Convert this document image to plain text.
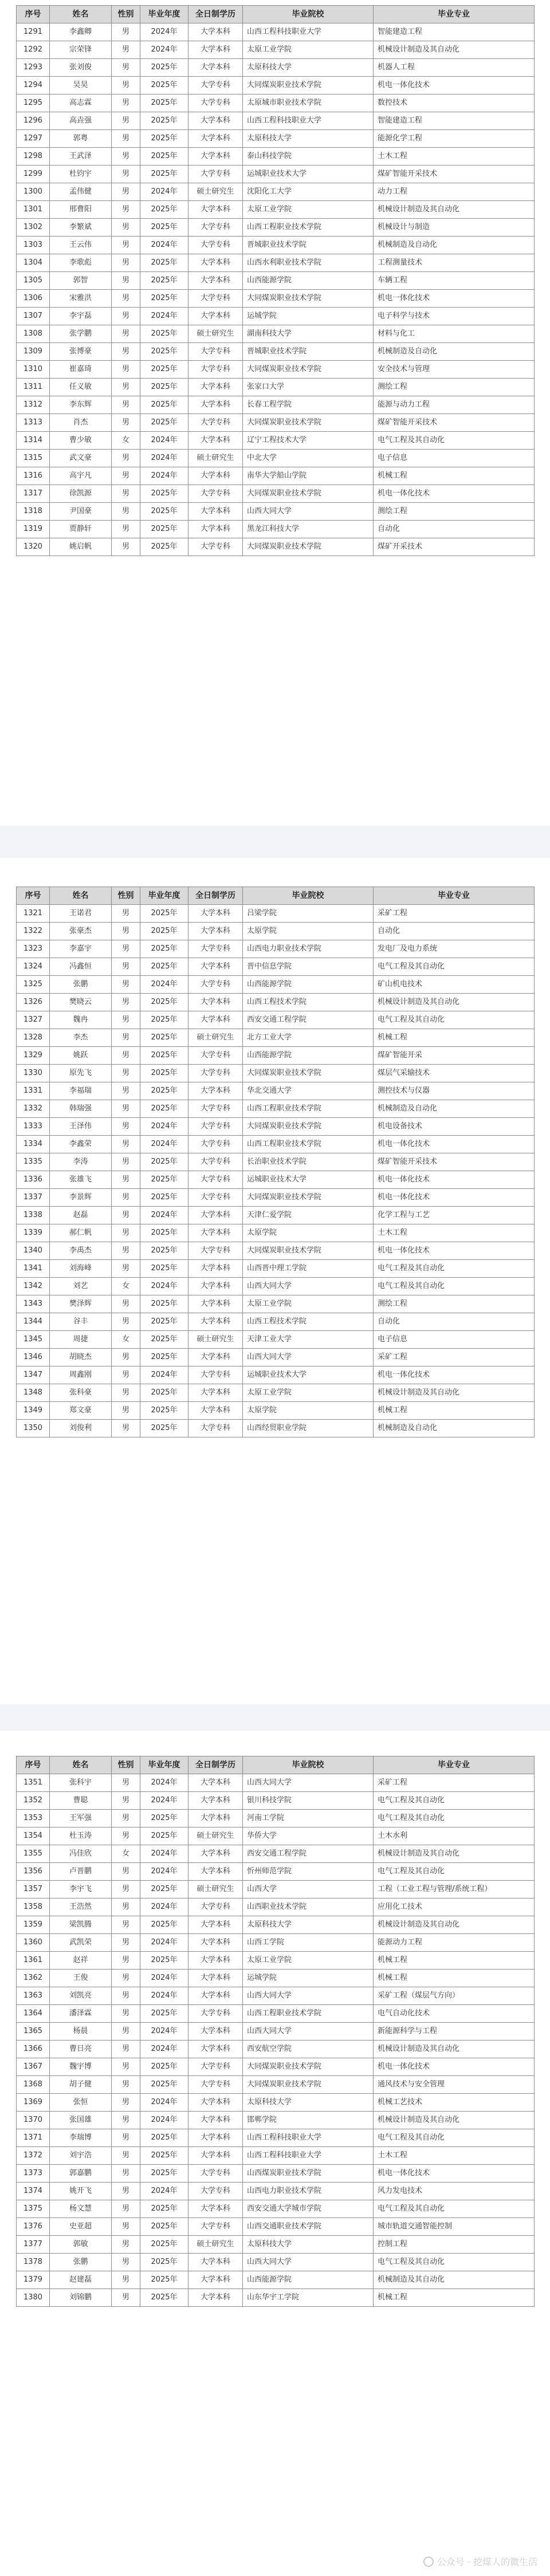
序号	姓名	性别	毕业年度	全日制学历	毕业院校	毕业专业
1291	李鑫卿	男	2024年	大学本科	山西工程科技职业大学	智能建造工程
1292	宗荣锋	男	2024年	大学本科	太原工业学院	机械设计制造及其自动化
1293	张刘俊	男	2025年	大学本科	太原科技大学	机器人工程
1294	吴昊	男	2025年	大学专科	大同煤炭职业技术学院	机电一体化技术
1295	高志霖	男	2025年	大学专科	太原城市职业技术学院	数控技术
1296	高垚强	男	2025年	大学本科	山西工程科技职业大学	智能建造工程
1297	郭粤	男	2025年	大学本科	太原科技大学	能源化学工程
1298	王武泽	男	2025年	大学本科	泰山科技学院	土木工程
1299	杜钧宇	男	2025年	大学专科	运城职业技术大学	煤矿智能开采技术
1300	孟伟健	男	2024年	硕士研究生	沈阳化工大学	动力工程
1301	邢曹阳	男	2025年	大学本科	太原工业学院	机械设计制造及其自动化
1302	李繁斌	男	2025年	大学专科	山西工程职业技术学院	机械设计与制造
1303	王云伟	男	2024年	大学专科	晋城职业技术学院	机械制造及自动化
1304	李歌彪	男	2025年	大学本科	山西水利职业技术学院	工程测量技术
1305	郭智	男	2025年	大学本科	山西能源学院	车辆工程
1306	宋雅洪	男	2025年	大学专科	大同煤炭职业技术学院	机电一体化技术
1307	李宇磊	男	2024年	大学本科	运城学院	电子科学与技术
1308	张学鹏	男	2025年	硕士研究生	湖南科技大学	材料与化工
1309	张博豪	男	2025年	大学专科	晋城职业技术学院	机械制造及自动化
1310	崔嘉琦	男	2025年	大学专科	大同煤炭职业技术学院	安全技术与管理
1311	任义敏	男	2025年	大学本科	张家口大学	测绘工程
1312	李东辉	男	2025年	大学本科	长春工程学院	能源与动力工程
1313	肖杰	男	2025年	大学专科	大同煤炭职业技术学院	煤矿智能开采技术
1314	曹少敏	女	2024年	大学本科	辽宁工程技术大学	电气工程及其自动化
1315	武文豪	男	2024年	硕士研究生	中北大学	电子信息
1316	高宇凡	男	2024年	大学本科	南华大学船山学院	机械工程
1317	徐凯源	男	2025年	大学专科	大同煤炭职业技术学院	机电一体化技术
1318	尹国豪	男	2025年	大学本科	山西大同大学	测绘工程
1319	贾静轩	男	2025年	大学本科	黑龙江科技大学	自动化
1320	姚启帆	男	2025年	大学专科	大同煤炭职业技术学院	煤矿开采技术
序号	姓名	性别	毕业年度	全日制学历	毕业院校	毕业专业
1321	王诺君	男	2025年	大学本科	吕梁学院	采矿工程
1322	张豪杰	男	2025年	大学本科	太原学院	自动化
1323	李嘉宇	男	2025年	大学专科	山西电力职业技术学院	发电厂及电力系统
1324	冯鑫恒	男	2025年	大学本科	晋中信息学院	电气工程及其自动化
1325	张鹏	男	2024年	大学专科	山西能源学院	矿山机电技术
1326	樊晓云	男	2025年	大学本科	山西工程技术学院	机械设计制造及其自动化
1327	魏冉	男	2025年	大学本科	西安交通工程学院	电气工程及其自动化
1328	李杰	男	2025年	硕士研究生	北方工业大学	机械工程
1329	姚跃	男	2025年	大学专科	山西能源学院	煤矿智能开采
1330	原先飞	男	2025年	大学专科	大同煤炭职业技术学院	煤层气采输技术
1331	李福瑞	男	2025年	大学本科	华北交通大学	测控技术与仪器
1332	韩瑞强	男	2025年	大学专科	山西工程职业技术学院	机械制造及自动化
1333	王泽伟	男	2024年	大学专科	大同煤炭职业技术学院	机电设备技术
1334	李鑫荣	男	2024年	大学专科	山西工程职业技术学院	机电一体化技术
1335	李涛	男	2025年	大学专科	长治职业技术学院	煤矿智能开采技术
1336	张雄飞	男	2025年	大学专科	运城职业技术大学	机电一体化技术
1337	李景辉	男	2025年	大学专科	大同煤炭职业技术学院	机电一体化技术
1338	赵磊	男	2024年	大学本科	天津仁爱学院	化学工程与工艺
1339	郝仁帆	男	2025年	大学本科	太原学院	土木工程
1340	李禹杰	男	2025年	大学专科	大同煤炭职业技术学院	机电一体化技术
1341	刘海峰	男	2025年	大学本科	山西晋中理工学院	电气工程及其自动化
1342	刘艺	女	2024年	大学本科	山西大同大学	电气工程及其自动化
1343	樊泽辉	男	2025年	大学本科	太原工业学院	测绘工程
1344	谷丰	男	2025年	大学本科	山西工程技术学院	自动化
1345	周捷	女	2025年	硕士研究生	天津工业大学	电子信息
1346	胡晓杰	男	2025年	大学本科	山西大同大学	采矿工程
1347	周鑫刚	男	2024年	大学专科	运城职业技术大学	机电一体化技术
1348	张科豪	男	2025年	大学本科	太原工业学院	机械设计制造及其自动化
1349	郑文豪	男	2025年	大学本科	太原学院	机械工程
1350	刘俊利	男	2025年	大学专科	山西经贸职业学院	机械制造及自动化
序号	姓名	性别	毕业年度	全日制学历	毕业院校	毕业专业
1351	张科宇	男	2024年	大学本科	山西大同大学	采矿工程
1352	曹聪	男	2024年	大学本科	银川科技学院	电气工程及其自动化
1353	王军强	男	2025年	大学本科	河南工学院	电气工程及其自动化
1354	杜玉涛	男	2025年	硕士研究生	华侨大学	土木水利
1355	冯佳欣	女	2024年	大学本科	西安交通工程学院	机械设计制造及其自动化
1356	卢晋鹏	男	2024年	大学本科	忻州师范学院	电气工程及其自动化
1357	李宇飞	男	2025年	硕士研究生	山西大学	工程（工业工程与管理/系统工程）
1358	王浩然	男	2024年	大学专科	山西职业技术学院	应用化工技术
1359	梁凯腾	男	2025年	大学本科	太原科技大学	机械设计制造及其自动化
1360	武凯荣	男	2024年	大学本科	山西工学院	能源动力工程
1361	赵祥	男	2025年	大学本科	太原工业学院	机械工程
1362	王俊	男	2024年	大学本科	运城学院	机械工程
1363	刘凯亮	男	2024年	大学本科	山西大同大学	采矿工程（煤层气方向）
1364	潘泽霖	男	2025年	大学专科	山西工程职业技术学院	电气自动化技术
1365	杨晨	男	2024年	大学本科	山西大同大学	新能源科学与工程
1366	曹日亮	男	2024年	大学本科	西安航空学院	机械设计制造及其自动化
1367	魏宇博	男	2025年	大学专科	大同煤炭职业技术学院	机电一体化技术
1368	胡子健	男	2025年	大学专科	大同煤炭职业技术学院	通风技术与安全管理
1369	张恒	男	2024年	大学本科	太原科技大学	机械工艺技术
1370	张国雄	男	2024年	大学本科	邯郸学院	机械设计制造及其自动化
1371	李瑞博	男	2025年	大学本科	山西工程科技职业大学	电气工程及其自动化
1372	刘宇浩	男	2025年	大学本科	山西工程科技职业大学	土木工程
1373	郭嘉鹏	男	2025年	大学专科	山西煤炭职业技术学院	机电一体化技术
1374	姚开飞	男	2024年	大学专科	山西电力职业技术学院	风力发电技术
1375	杨文慧	男	2025年	大学本科	西安交通大学城市学院	电气工程及其自动化
1376	史亚超	男	2025年	大学专科	山西交通职业技术学院	城市轨道交通智能控制
1377	郭敏	男	2025年	硕士研究生	太原科技大学	控制工程
1378	张鹏	男	2025年	大学本科	山西大同大学	电气工程及其自动化
1379	赵建磊	男	2025年	大学本科	山西能源学院	机械制造及其自动化
1380	刘锦鹏	男	2025年	大学本科	山东华宇工学院	机械工程
公众号 · 挖煤人的微生活
